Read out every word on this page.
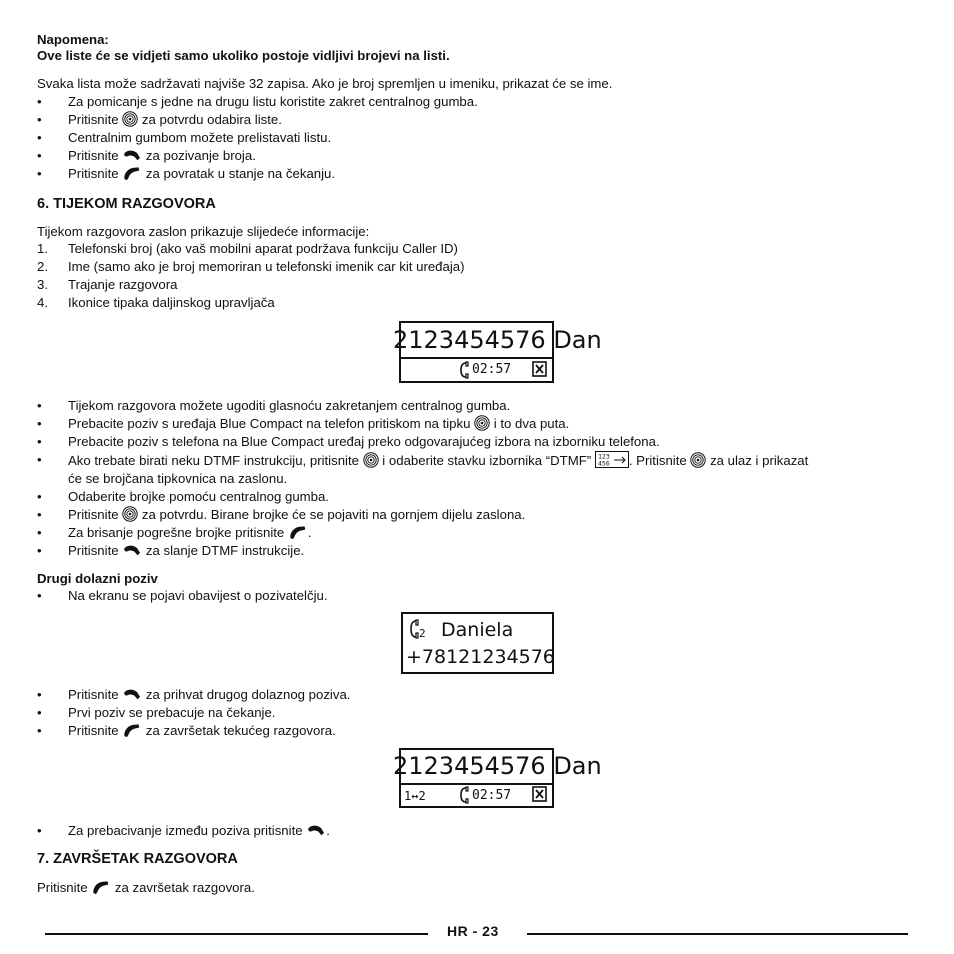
Napomena:

Ove liste će se vidjeti samo ukoliko postoje vidljivi brojevi na listi.

Svaka lista može sadržavati najviše 32 zapisa. Ako je broj spremljen u imeniku, prikazat će se ime.

• Za pomicanje s jedne na drugu listu koristite zakret centralnog gumba.
• Pritisnite  za potvrdu odabira liste.
• Centralnim gumbom možete prelistavati listu.
• Pritisnite  za pozivanje broja.
• Pritisnite  za povratak u stanje na čekanju.
6. TIJEKOM RAZGOVORA

Tijekom razgovora zaslon prikazuje slijedeće informacije:

1. Telefonski broj (ako vaš mobilni aparat podržava funkciju Caller ID)
2. Ime (samo ako je broj memoriran u telefonski imenik car kit uređaja)
3. Trajanje razgovora
4. Ikonice tipaka daljinskog upravljača
• Tijekom razgovora možete ugoditi glasnoću zakretanjem centralnog gumba.
• Prebacite poziv s uređaja Blue Compact na telefon pritiskom na tipku  i to dva puta.
• Prebacite poziv s telefona na Blue Compact uređaj preko odgovarajućeg izbora na izborniku telefona.
• Ako trebate birati neku DTMF instrukciju, pritisnite  i odaberite stavku izbornika “DTMF” 123
456 . Pritisnite  za ulaz i prikazat
će se brojčana tipkovnica na zaslonu.
• Odaberite brojke pomoću centralnog gumba.
• Pritisnite  za potvrdu. Birane brojke će se pojaviti na gornjem dijelu zaslona.
• Za brisanje pogrešne brojke pritisnite .
• Pritisnite  za slanje DTMF instrukcije.
Drugi dolazni poziv
• Na ekranu se pojavi obavijest o pozivatelčju.
• Pritisnite  za prihvat drugog dolaznog poziva.
• Prvi poziv se prebacuje na čekanje.
• Pritisnite  za završetak tekućeg razgovora.
• Za prebacivanje između poziva pritisnite .
7. ZAVRŠETAK RAZGOVORA

Pritisnite  za završetak razgovora.

2123454576 Dan
02:57
2 Daniela
+78121234576
2123454576 Dan
1↔2	02:57
HR - 23
